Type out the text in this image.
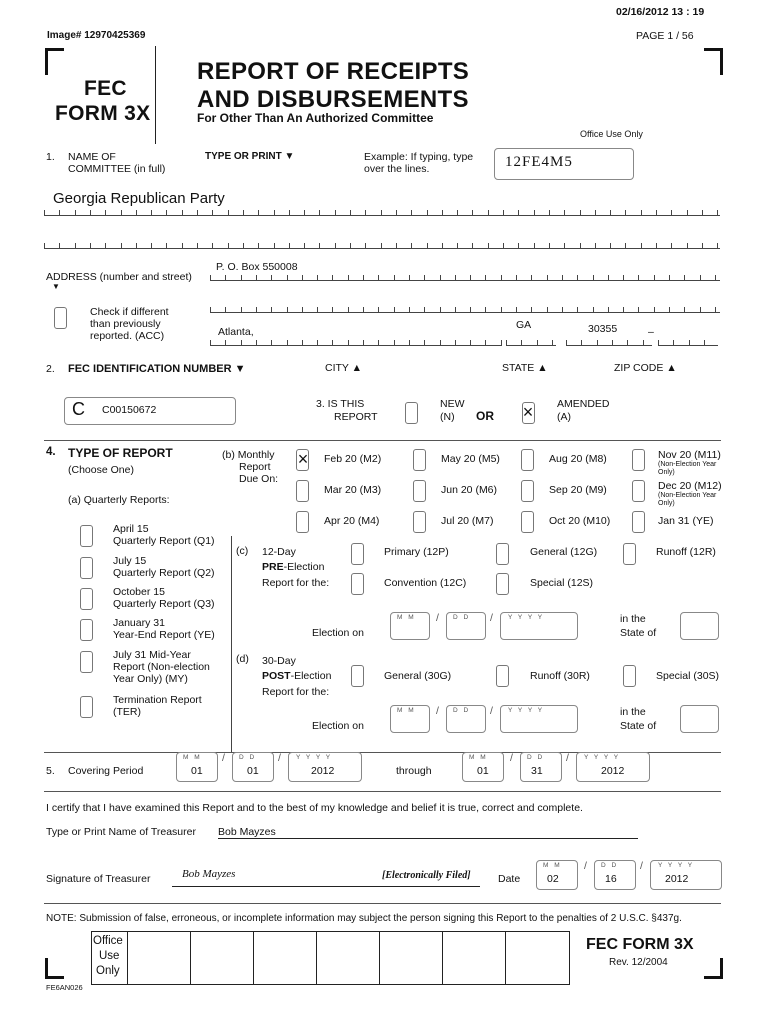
02/16/2012 13 : 19
Image# 12970425369	PAGE 1 / 56
FEC
FORM 3X
REPORT OF RECEIPTS
AND DISBURSEMENTS
For Other Than An Authorized Committee
Office Use Only
1. NAME OF
COMMITTEE (in full)
TYPE OR PRINT ▼	Example: If typing, type
over the lines.	12FE4M5
Georgia Republican Party
ADDRESS (number and street)
▼
P. O. Box 550008
Check if different
than previously
reported. (ACC)	Atlanta,
GA	30355	–
2. FEC IDENTIFICATION NUMBER ▼	CITY ▲	STATE ▲	ZIP CODE ▲
C C00150672	3. IS THIS
REPORT
NEW
(N) OR × AMENDED
(A)
4. TYPE OF REPORT
(Choose One)
(a) Quarterly Reports:
(b) Monthly
Report
Due On:
Feb 20 (M2)	May 20 (M5)	Aug 20 (M8)	Nov 20 (M11)
(Non-Election Year Only)
Mar 20 (M3)	Jun 20 (M6)	Sep 20 (M9)	Dec 20 (M12)
(Non-Election Year Only)
Apr 20 (M4)	Jul 20 (M7)	Oct 20 (M10)	Jan 31 (YE)
×
April 15
Quarterly Report (Q1)
July 15
Quarterly Report (Q2)
October 15
Quarterly Report (Q3)
January 31
Year-End Report (YE)
July 31 Mid-Year
Report (Non-election
Year Only) (MY)
Termination Report
(TER)
(c) 12-Day
PRE-Election
Report for the:
Primary (12P)	General (12G)	Runoff (12R)
Convention (12C)	Special (12S)
Election on
M M / D D / Y Y Y Y	in the
State of
(d) 30-Day
POST-Election
Report for the:
General (30G)	Runoff (30R)	Special (30S)
Election on
M M / D D / Y Y Y Y	in the
State of
5. Covering Period
M M
01
/ D D
01
/ Y Y Y Y
2012	through
M M
01
/ D D
31
/ Y Y Y Y
2012
I certify that I have examined this Report and to the best of my knowledge and belief it is true, correct and complete.
Type or Print Name of Treasurer Bob Mayzes
Signature of Treasurer	Bob Mayzes	[Electronically Filed]	Date
M M
02
/ D D
16
/ Y Y Y Y
2012
NOTE: Submission of false, erroneous, or incomplete information may subject the person signing this Report to the penalties of 2 U.S.C. §437g.
Office
Use
Only
FEC FORM 3X
Rev. 12/2004
FE6AN026
